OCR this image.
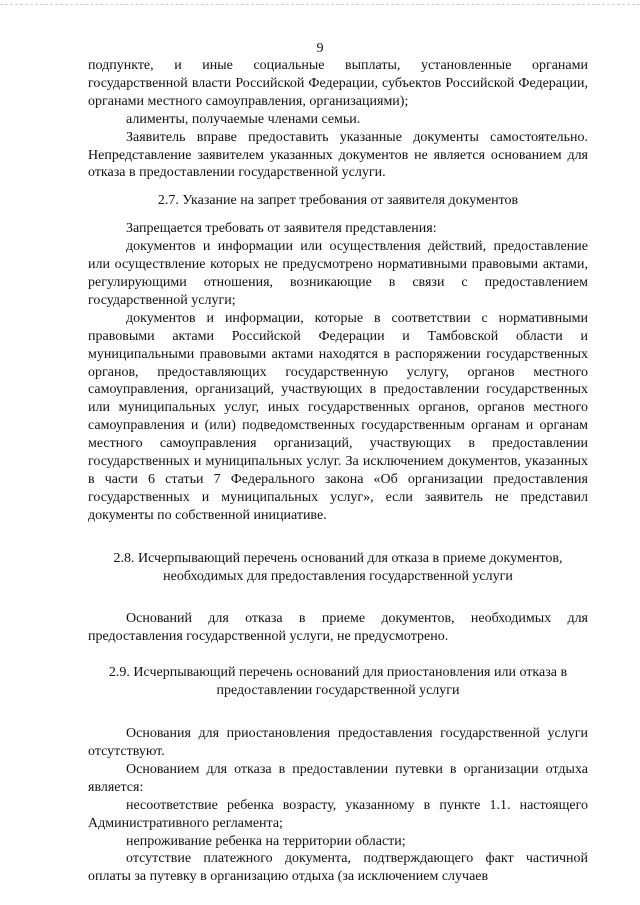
9

подпункте, и иные социальные выплаты, установленные органами государственной власти Российской Федерации, субъектов Российской Федерации, органами местного самоуправления, организациями);

алименты, получаемые членами семьи.

Заявитель вправе предоставить указанные документы самостоятельно. Непредставление заявителем указанных документов не является основанием для отказа в предоставлении государственной услуги.

2.7. Указание на запрет требования от заявителя документов

Запрещается требовать от заявителя представления:

документов и информации или осуществления действий, предоставление или осуществление которых не предусмотрено нормативными правовыми актами, регулирующими отношения, возникающие в связи с предоставлением государственной услуги;

документов и информации, которые в соответствии с нормативными правовыми актами Российской Федерации и Тамбовской области и муниципальными правовыми актами находятся в распоряжении государственных органов, предоставляющих государственную услугу, органов местного самоуправления, организаций, участвующих в предоставлении государственных или муниципальных услуг, иных государственных органов, органов местного самоуправления и (или) подведомственных государственным органам и органам местного самоуправления организаций, участвующих в предоставлении государственных и муниципальных услуг. За исключением документов, указанных в части 6 статьи 7 Федерального закона «Об организации предоставления государственных и муниципальных услуг», если заявитель не представил документы по собственной инициативе.

2.8. Исчерпывающий перечень оснований для отказа в приеме документов, необходимых для предоставления государственной услуги

Оснований для отказа в приеме документов, необходимых для предоставления государственной услуги, не предусмотрено.

2.9. Исчерпывающий перечень оснований для приостановления или отказа в предоставлении государственной услуги

Основания для приостановления предоставления государственной услуги отсутствуют.

Основанием для отказа в предоставлении путевки в организации отдыха является:

несоответствие ребенка возрасту, указанному в пункте 1.1. настоящего Административного регламента;

непроживание ребенка на территории области;

отсутствие платежного документа, подтверждающего факт частичной оплаты за путевку в организацию отдыха (за исключением случаев
